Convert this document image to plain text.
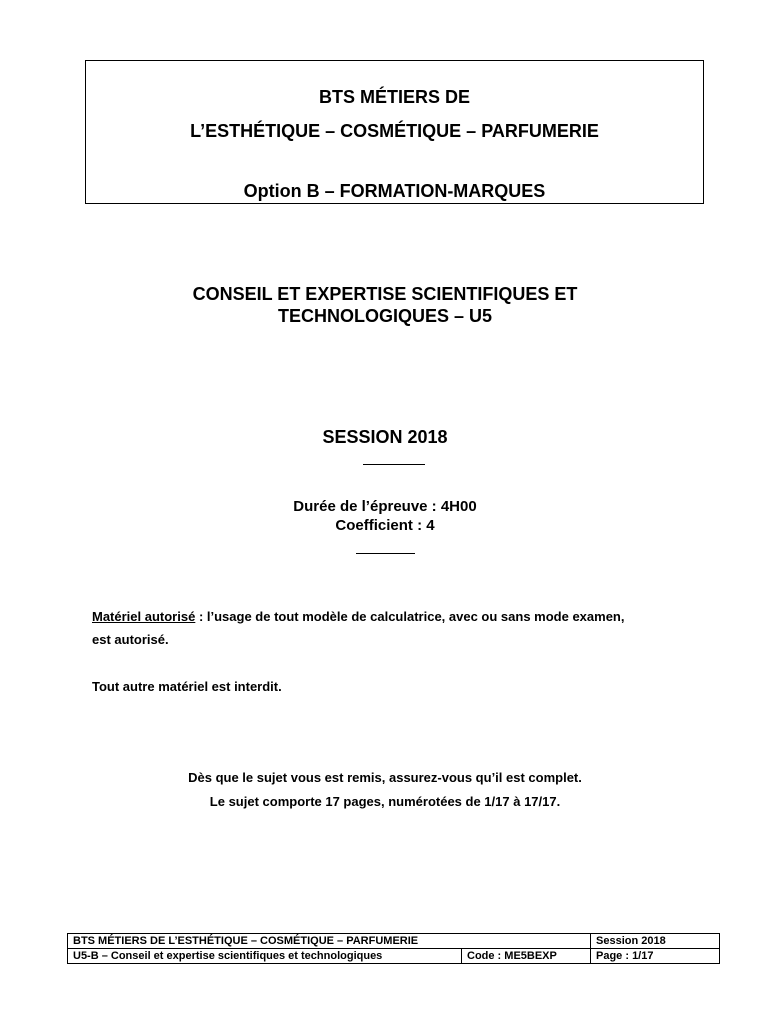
BTS MÉTIERS DE
L’ESTHÉTIQUE – COSMÉTIQUE – PARFUMERIE
Option B – FORMATION-MARQUES
CONSEIL ET EXPERTISE SCIENTIFIQUES ET
TECHNOLOGIQUES – U5
SESSION 2018
Durée de l’épreuve : 4H00
Coefficient : 4
Matériel autorisé : l’usage de tout modèle de calculatrice, avec ou sans mode examen,
est autorisé.
Tout autre matériel est interdit.
Dès que le sujet vous est remis, assurez-vous qu’il est complet.
Le sujet comporte 17 pages, numérotées de 1/17 à 17/17.
BTS MÉTIERS DE L’ESTHÉTIQUE – COSMÉTIQUE – PARFUMERIE		Session 2018
U5-B – Conseil et expertise scientifiques et technologiques	Code : ME5BEXP	Page : 1/17
